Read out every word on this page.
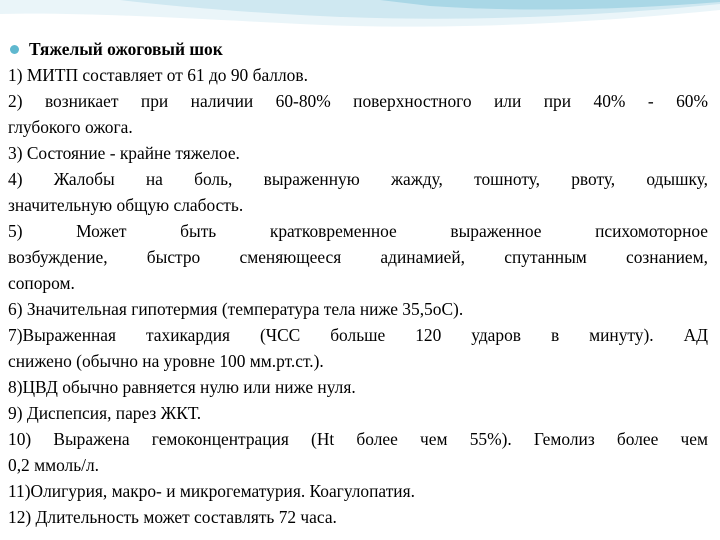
Тяжелый ожоговый шок
1) МИТП составляет от 61 до 90 баллов.
2) возникает при наличии 60-80% поверхностного или при 40% - 60%
глубокого ожога.
3) Состояние - крайне тяжелое.
4) Жалобы на боль, выраженную жажду, тошноту, рвоту, одышку,
значительную общую слабость.
5) Может быть кратковременное выраженное психомоторное
возбуждение, быстро сменяющееся адинамией, спутанным сознанием,
сопором.
6) Значительная гипотермия (температура тела ниже 35,5оС).
7)Выраженная тахикардия (ЧСС больше 120 ударов в минуту). АД
снижено (обычно на уровне 100 мм.рт.ст.).
8)ЦВД обычно равняется нулю или ниже нуля.
9) Диспепсия, парез ЖКТ.
10) Выражена гемоконцентрация (Ht более чем 55%). Гемолиз более чем
0,2 ммоль/л.
11)Олигурия, макро- и микрогематурия. Коагулопатия.
12) Длительность может составлять 72 часа.
